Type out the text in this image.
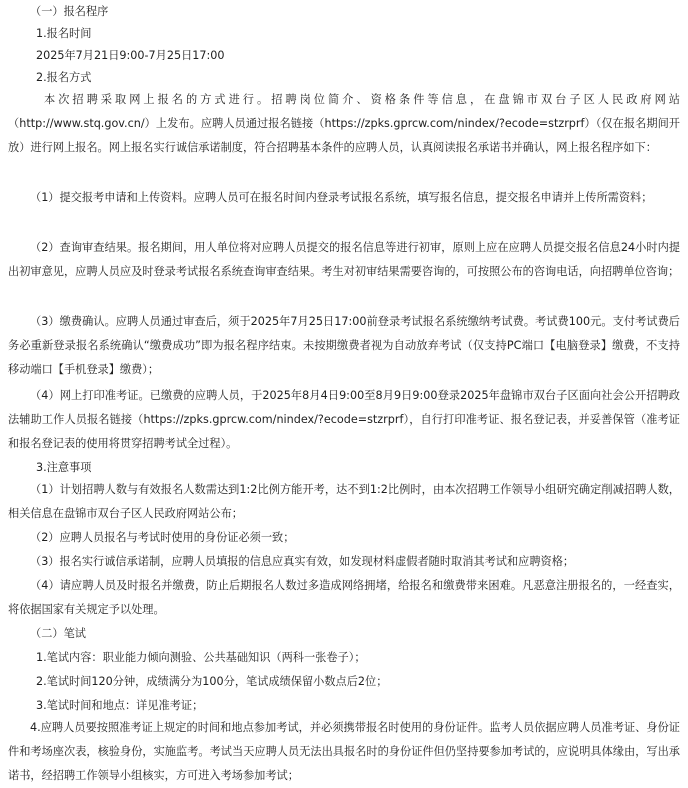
（一）报名程序
1.报名时间
2025年7月21日9:00-7月25日17:00
2.报名方式
本次招聘采取网上报名的方式进行。招聘岗位简介、资格条件等信息，在盘锦市双台子区人民政府网站（http://www.stq.gov.cn/）上发布。应聘人员通过报名链接（https://zpks.gprcw.com/nindex/?ecode=stzrprf）（仅在报名期间开放）进行网上报名。网上报名实行诚信承诺制度，符合招聘基本条件的应聘人员，认真阅读报名承诺书并确认，网上报名程序如下：
（1）提交报考申请和上传资料。应聘人员可在报名时间内登录考试报名系统，填写报名信息，提交报名申请并上传所需资料；
（2）查询审查结果。报名期间，用人单位将对应聘人员提交的报名信息等进行初审，原则上应在应聘人员提交报名信息24小时内提出初审意见，应聘人员应及时登录考试报名系统查询审查结果。考生对初审结果需要咨询的，可按照公布的咨询电话，向招聘单位咨询；
（3）缴费确认。应聘人员通过审查后，须于2025年7月25日17:00前登录考试报名系统缴纳考试费。考试费100元。支付考试费后务必重新登录报名系统确认“缴费成功”即为报名程序结束。未按期缴费者视为自动放弃考试（仅支持PC端口【电脑登录】缴费，不支持移动端口【手机登录】缴费）；
（4）网上打印准考证。已缴费的应聘人员，于2025年8月4日9:00至8月9日9:00登录2025年盘锦市双台子区面向社会公开招聘政法辅助工作人员报名链接（https://zpks.gprcw.com/nindex/?ecode=stzrprf），自行打印准考证、报名登记表，并妥善保管（准考证和报名登记表的使用将贯穿招聘考试全过程）。
3.注意事项
（1）计划招聘人数与有效报名人数需达到1:2比例方能开考，达不到1:2比例时，由本次招聘工作领导小组研究确定削减招聘人数，相关信息在盘锦市双台子区人民政府网站公布；
（2）应聘人员报名与考试时使用的身份证必须一致；
（3）报名实行诚信承诺制，应聘人员填报的信息应真实有效，如发现材料虚假者随时取消其考试和应聘资格；
（4）请应聘人员及时报名并缴费，防止后期报名人数过多造成网络拥堵，给报名和缴费带来困难。凡恶意注册报名的，一经查实，将依据国家有关规定予以处理。
（二）笔试
1.笔试内容：职业能力倾向测验、公共基础知识（两科一张卷子）；
2.笔试时间120分钟，成绩满分为100分，笔试成绩保留小数点后2位；
3.笔试时间和地点：详见准考证；
4.应聘人员要按照准考证上规定的时间和地点参加考试，并必须携带报名时使用的身份证件。监考人员依据应聘人员准考证、身份证件和考场座次表，核验身份，实施监考。考试当天应聘人员无法出具报名时的身份证件但仍坚持要参加考试的，应说明具体缘由，写出承诺书，经招聘工作领导小组核实，方可进入考场参加考试；
